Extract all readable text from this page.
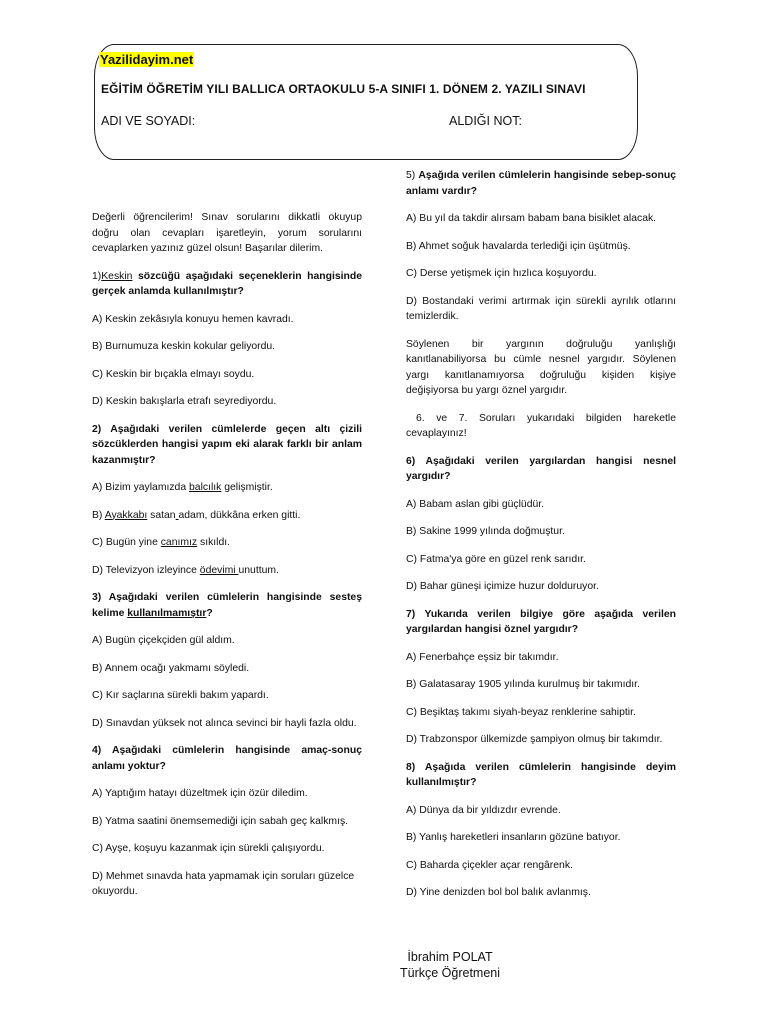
Yazilidayim.net
EĞİTİM ÖĞRETİM YILI BALLICA ORTAOKULU 5-A SINIFI 1. DÖNEM 2. YAZILI SINAVI
ADI VE SOYADI:	ALDIĞI NOT:

Değerli öğrencilerim! Sınav sorularını dikkatli okuyup doğru olan cevapları işaretleyin, yorum sorularını cevaplarken yazınız güzel olsun! Başarılar dilerim.

1)Keskin sözcüğü aşağıdaki seçeneklerin hangisinde gerçek anlamda kullanılmıştır?

A) Keskin zekâsıyla konuyu hemen kavradı.

B) Burnumuza keskin kokular geliyordu.

C) Keskin bir bıçakla elmayı soydu.

D) Keskin bakışlarla etrafı seyrediyordu.

2) Aşağıdaki verilen cümlelerde geçen altı çizili sözcüklerden hangisi yapım eki alarak farklı bir anlam kazanmıştır?

A) Bizim yaylamızda balcılık gelişmiştir.

B) Ayakkabı satan adam, dükkâna erken gitti.

C) Bugün yine canımız sıkıldı.

D) Televizyon izleyince ödevimi unuttum.

3) Aşağıdaki verilen cümlelerin hangisinde sesteş kelime kullanılmamıştır?

A) Bugün çiçekçiden gül aldım.

B) Annem ocağı yakmamı söyledi.

C) Kır saçlarına sürekli bakım yapardı.

D) Sınavdan yüksek not alınca sevinci bir hayli fazla oldu.

4) Aşağıdaki cümlelerin hangisinde amaç-sonuç anlamı yoktur?

A) Yaptığım hatayı düzeltmek için özür diledim.

B) Yatma saatini önemsemediği için sabah geç kalkmış.

C) Ayşe, koşuyu kazanmak için sürekli çalışıyordu.

D) Mehmet sınavda hata yapmamak için soruları güzelce okuyordu.

5) Aşağıda verilen cümlelerin hangisinde sebep-sonuç anlamı vardır?

A) Bu yıl da takdir alırsam babam bana bisiklet alacak.

B) Ahmet soğuk havalarda terlediği için üşütmüş.

C) Derse yetişmek için hızlıca koşuyordu.

D) Bostandaki verimi artırmak için sürekli ayrılık otlarını temizlerdik.

Söylenen bir yargının doğruluğu yanlışlığı kanıtlanabiliyorsa bu cümle nesnel yargıdır. Söylenen yargı kanıtlanamıyorsa doğruluğu kişiden kişiye değişiyorsa bu yargı öznel yargıdır.

6. ve 7. Soruları yukarıdaki bilgiden hareketle cevaplayınız!

6) Aşağıdaki verilen yargılardan hangisi nesnel yargıdır?

A) Babam aslan gibi güçlüdür.

B) Sakine 1999 yılında doğmuştur.

C) Fatma'ya göre en güzel renk sarıdır.

D) Bahar güneşi içimize huzur dolduruyor.

7) Yukarıda verilen bilgiye göre aşağıda verilen yargılardan hangisi öznel yargıdır?

A) Fenerbahçe eşsiz bir takımdır.

B) Galatasaray 1905 yılında kurulmuş bir takımıdır.

C) Beşiktaş takımı siyah-beyaz renklerine sahiptir.

D) Trabzonspor ülkemizde şampiyon olmuş bir takımdır.

8) Aşağıda verilen cümlelerin hangisinde deyim kullanılmıştır?

A) Dünya da bir yıldızdır evrende.

B) Yanlış hareketleri insanların gözüne batıyor.

C) Baharda çiçekler açar rengârenk.

D) Yine denizden bol bol balık avlanmış.

İbrahim POLAT
Türkçe Öğretmeni
